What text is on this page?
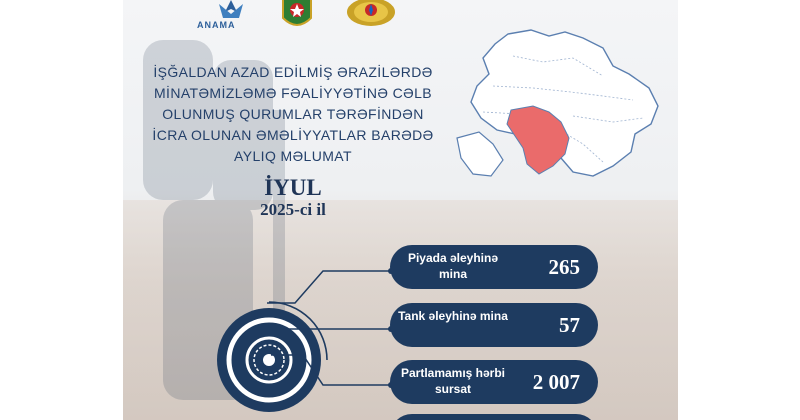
ANAMA
İŞĞALDAN AZAD EDİLMİŞ ƏRAZİLƏRDƏ
MİNATƏMİZLƏMƏ FƏALİYYƏTİNƏ CƏLB
OLUNMUŞ QURUMLAR TƏRƏFİNDƏN
İCRA OLUNAN ƏMƏLİYYATLAR BARƏDƏ
AYLIQ MƏLUMAT
İYUL
2025-ci il
Piyada əleyhinə mina	265
Tank əleyhinə mina 57
Partlamamış hərbi sursat	2 007
